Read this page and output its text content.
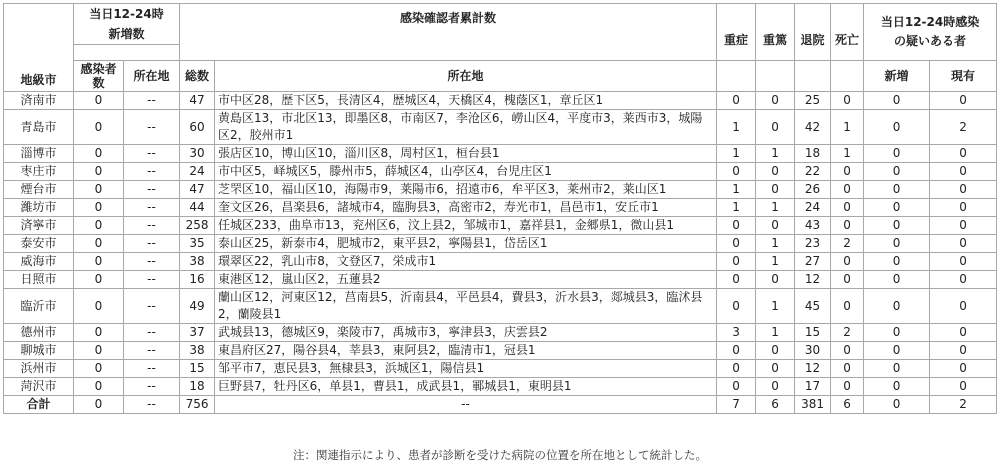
地級市	当日12-24時
新増数		感染確認者累計数		重症	重篤	退院	死亡	当日12-24時感染の疑いある者	

	感染者数	所在地	総数	所在地					新増	現有
済南市	0	--	47	市中区28，歴下区5，長清区4，歴城区4，天橋区4，槐蔭区1，章丘区1	0	0	25	0	0	0
青島市	0	--	60	黄島区13，市北区13，即墨区8，市南区7，李沧区6，嶗山区4，平度市3，莱西市3，城陽区2，胶州市1	1	0	42	1	0	2
淄博市	0	--	30	張店区10，博山区10，淄川区8，周村区1，桓台县1	1	1	18	1	0	0
枣庄市	0	--	24	市中区5，峄城区5，滕州市5，薛城区4，山亭区4，台児庄区1	0	0	22	0	0	0
煙台市	0	--	47	芝罘区10，福山区10，海陽市9，莱陽市6，招遠市6，牟平区3，莱州市2，莱山区1	1	0	26	0	0	0
濰坊市	0	--	44	奎文区26，昌楽县6，諸城市4，臨朐县3，高密市2，寿光市1，昌邑市1，安丘市1	1	1	24	0	0	0
済寧市	0	--	258	任城区233，曲阜市13，兖州区6，汶上县2，邹城市1，嘉祥县1，金郷県1，微山县1	0	0	43	0	0	0
泰安市	0	--	35	泰山区25，新泰市4，肥城市2，東平县2，寧陽县1，岱岳区1	0	1	23	2	0	0
威海市	0	--	38	環翠区22，乳山市8，文登区7，栄成市1	0	1	27	0	0	0
日照市	0	--	16	東港区12，嵐山区2，五蓮县2	0	0	12	0	0	0
臨沂市	0	--	49	蘭山区12，河東区12，莒南县5，沂南县4，平邑县4，費县3，沂水县3，郯城县3，臨沭县2，蘭陵县1	0	1	45	0	0	0
德州市	0	--	37	武城县13，德城区9，楽陵市7，禹城市3，寧津县3，庆雲县2	3	1	15	2	0	0
聊城市	0	--	38	東昌府区27，陽谷县4，莘县3，東阿县2，臨清市1，冠县1	0	0	30	0	0	0
浜州市	0	--	15	邹平市7，恵民县3，無棣县3，浜城区1，陽信县1	0	0	12	0	0	0
菏沢市	0	--	18	巨野县7，牡丹区6，单县1，曹县1，成武县1，鄆城县1，東明县1	0	0	17	0	0	0
合計	0	--	756	--	7	6	381	6	0	2
注：関連指示により、患者が診断を受けた病院の位置を所在地として統計した。
